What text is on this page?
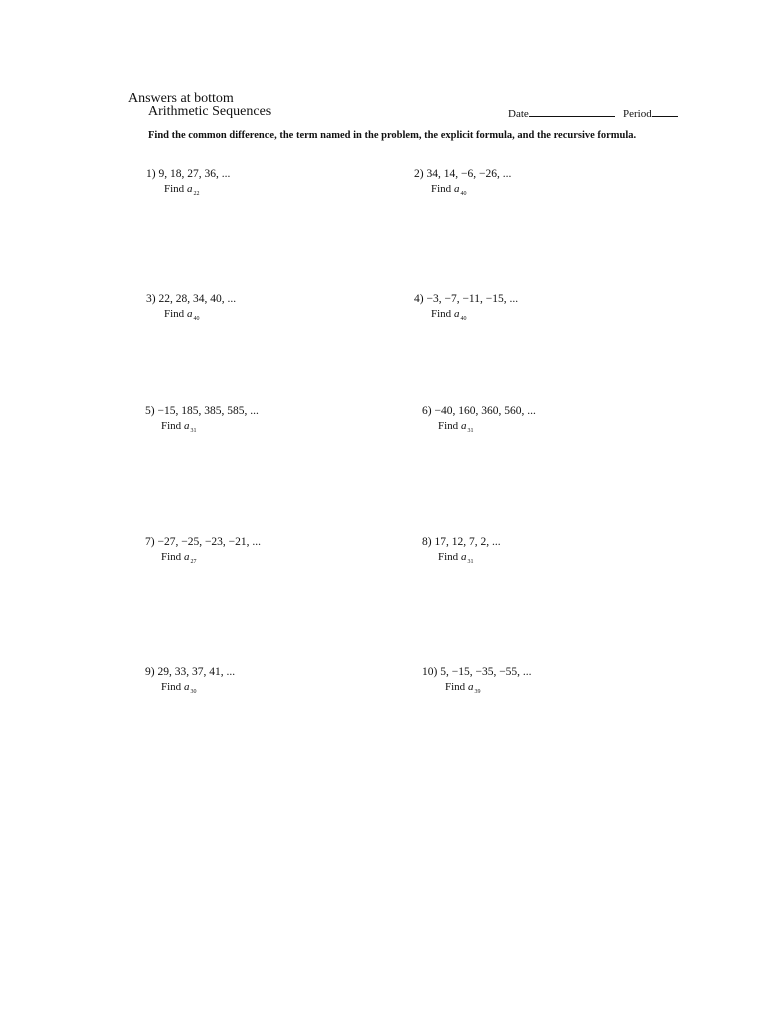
Answers at bottom
Arithmetic Sequences	Date	Period
Find the common difference, the term named in the problem, the explicit formula, and the recursive formula.
1) 9, 18, 27, 36, ...
Find $a_{22}$
2) 34, 14, −6, −26, ...
Find $a_{40}$
3) 22, 28, 34, 40, ...
Find $a_{40}$
4) −3, −7, −11, −15, ...
Find $a_{40}$
5) −15, 185, 385, 585, ...
Find $a_{31}$
6) −40, 160, 360, 560, ...
Find $a_{31}$
7) −27, −25, −23, −21, ...
Find $a_{27}$
8) 17, 12, 7, 2, ...
Find $a_{31}$
9) 29, 33, 37, 41, ...
Find $a_{30}$
10) 5, −15, −35, −55, ...
Find $a_{39}$
